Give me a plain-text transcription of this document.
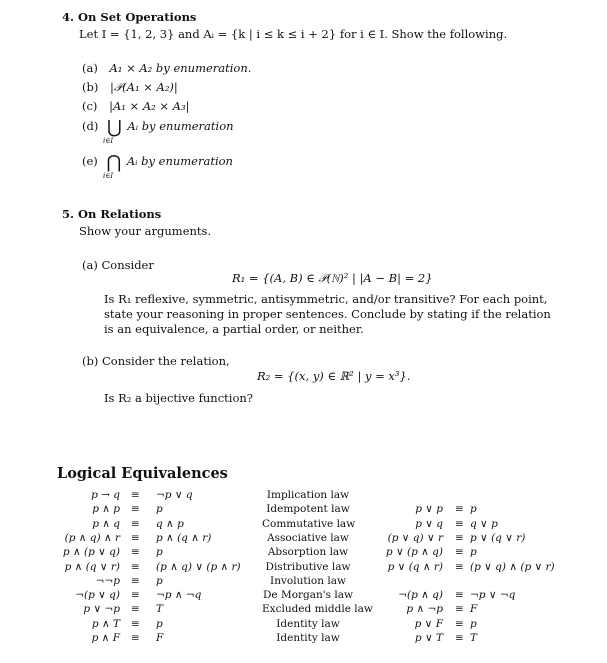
4. On Set Operations
Let I = {1, 2, 3} and Aᵢ = {k | i ≤ k ≤ i + 2} for i ∈ I. Show the following.
(a) A₁ × A₂ by enumeration.
(b) |𝒫(A₁ × A₂)|
(c) |A₁ × A₂ × A₃|
(d) ⋃ Aᵢ by enumeration
i∈I
(e) ⋂ Aᵢ by enumeration
i∈I
5. On Relations
Show your arguments.
(a) Consider
R₁ = {(A, B) ∈ 𝒫(ℕ)² | |A − B| = 2}
Is R₁ reflexive, symmetric, antisymmetric, and/or transitive? For each point, state your reasoning in proper sentences. Conclude by stating if the relation is an equivalence, a partial order, or neither.
(b) Consider the relation,
R₂ = {(x, y) ∈ ℝ² | y = x³}.
Is R₂ a bijective function?
Logical Equivalences
p → q ≡ ¬p ∨ q	Implication law
p ∧ p ≡ p	Idempotent law	p ∨ p ≡ p
p ∧ q ≡ q ∧ p	Commutative law	p ∨ q ≡ q ∨ p
(p ∧ q) ∧ r ≡ p ∧ (q ∧ r)	Associative law	(p ∨ q) ∨ r ≡ p ∨ (q ∨ r)
p ∧ (p ∨ q) ≡ p	Absorption law	p ∨ (p ∧ q) ≡ p
p ∧ (q ∨ r) ≡ (p ∧ q) ∨ (p ∧ r)	Distributive law	p ∨ (q ∧ r) ≡ (p ∨ q) ∧ (p ∨ r)
¬¬p ≡ p	Involution law
¬(p ∨ q) ≡ ¬p ∧ ¬q	De Morgan's law	¬(p ∧ q) ≡ ¬p ∨ ¬q
p ∨ ¬p ≡ T	Excluded middle law	p ∧ ¬p ≡ F
p ∧ T ≡ p	Identity law	p ∨ F ≡ p
p ∧ F ≡ F	Identity law	p ∨ T ≡ T
